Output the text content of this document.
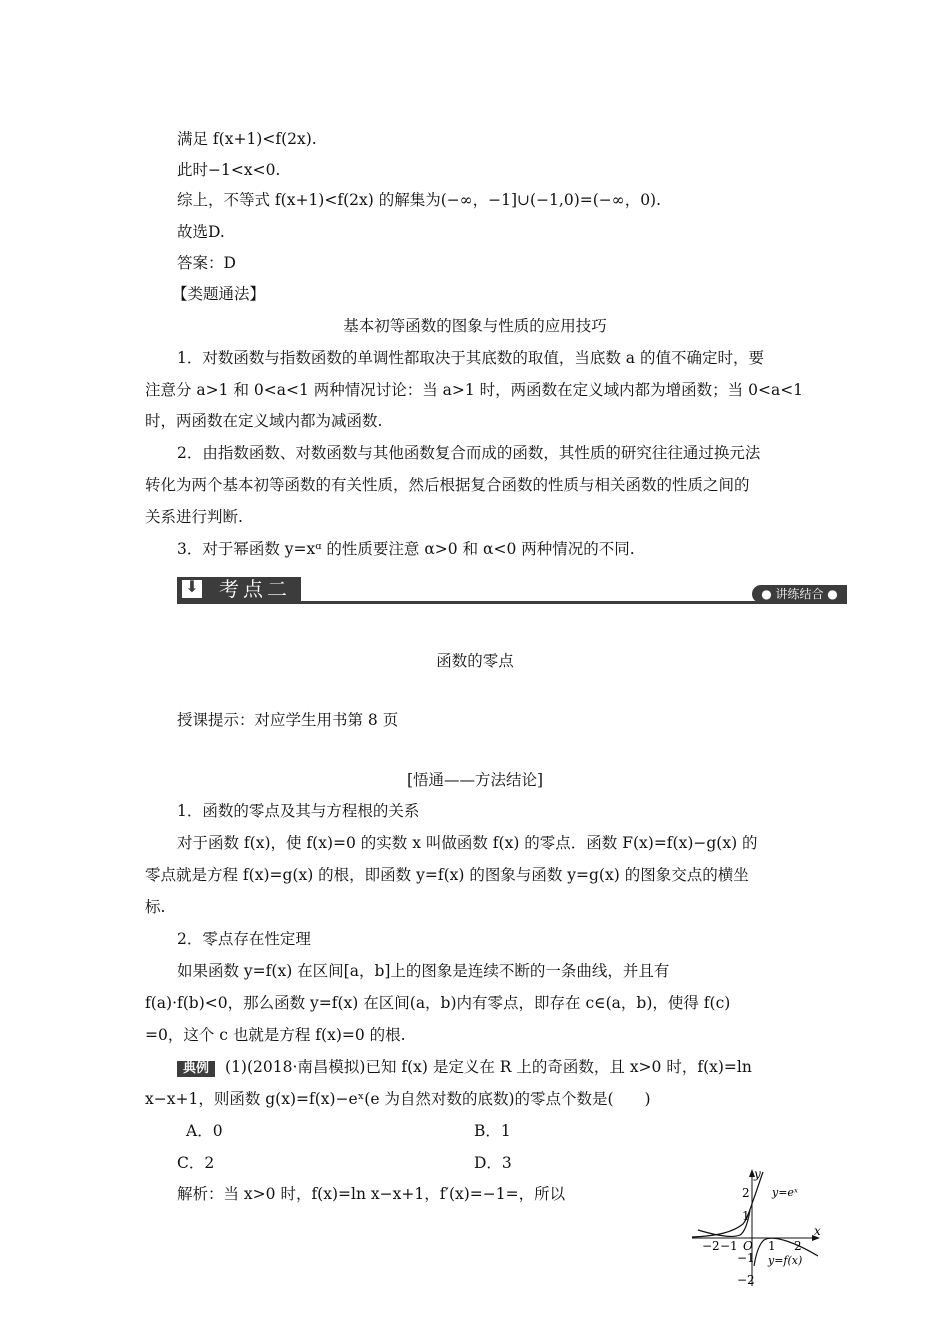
满足 f(x+1)<f(2x).
此时−1<x<0.
综上，不等式 f(x+1)<f(2x) 的解集为(−∞，−1]∪(−1,0)=(−∞，0).
故选D.
答案：D
【类题通法】
基本初等函数的图象与性质的应用技巧
1．对数函数与指数函数的单调性都取决于其底数的取值，当底数 a 的值不确定时，要
注意分 a>1 和 0<a<1 两种情况讨论：当 a>1 时，两函数在定义域内都为增函数；当 0<a<1
时，两函数在定义域内都为减函数.
2．由指数函数、对数函数与其他函数复合而成的函数，其性质的研究往往通过换元法
转化为两个基本初等函数的有关性质，然后根据复合函数的性质与相关函数的性质之间的
关系进行判断.
3．对于幂函数 y=xᵅ 的性质要注意 α>0 和 α<0 两种情况的不同.
⬇ 考点二	● 讲练结合 ●
函数的零点
授课提示：对应学生用书第 8 页
[悟通——方法结论]
1．函数的零点及其与方程根的关系
对于函数 f(x)，使 f(x)=0 的实数 x 叫做函数 f(x) 的零点．函数 F(x)=f(x)−g(x) 的
零点就是方程 f(x)=g(x) 的根，即函数 y=f(x) 的图象与函数 y=g(x) 的图象交点的横坐
标.
2．零点存在性定理
如果函数 y=f(x) 在区间[a，b]上的图象是连续不断的一条曲线，并且有
f(a)·f(b)<0，那么函数 y=f(x) 在区间(a，b)内有零点，即存在 c∈(a，b)，使得 f(c)
=0，这个 c 也就是方程 f(x)=0 的根.
典例 (1)(2018·南昌模拟)已知 f(x) 是定义在 R 上的奇函数，且 x>0 时，f(x)=ln
x−x+1，则函数 g(x)=f(x)−eˣ(e 为自然对数的底数)的零点个数是(　　)
A．0	B．1
C．2	D．3
解析：当 x>0 时，f(x)=ln x−x+1，f′(x)=−1=，所以
y
x
O
−2 −1	1 2
2
1
−1
−2
y=eˣ
y=f(x)
